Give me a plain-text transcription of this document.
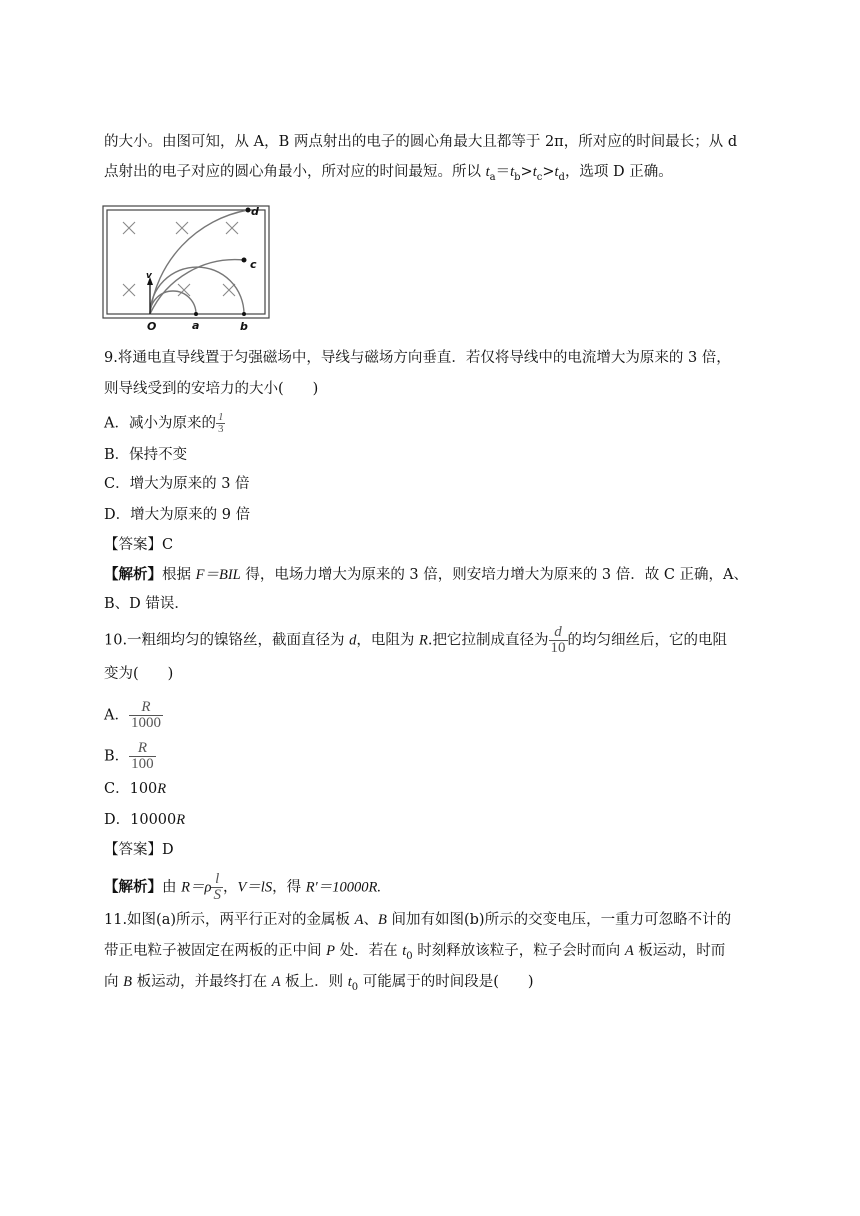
的大小。由图可知，从 A，B 两点射出的电子的圆心角最大且都等于 2π，所对应的时间最长；从 d
点射出的电子对应的圆心角最小，所对应的时间最短。所以 $t_a=t_b>t_c>t_d$，选项 D 正确。
O	a	b
c
d
v
9.将通电直导线置于匀强磁场中，导线与磁场方向垂直．若仅将导线中的电流增大为原来的 3 倍，
则导线受到的安培力的大小(　　)
A．减小为原来的 $\frac{1}{3}$
B．保持不变
C．增大为原来的 3 倍
D．增大为原来的 9 倍
【答案】C
【解析】根据 F＝BIL 得，电场力增大为原来的 3 倍，则安培力增大为原来的 3 倍．故 C 正确，A、
B、D 错误．
10.一粗细均匀的镍铬丝，截面直径为 d，电阻为 R.把它拉制成直径为 $\frac{d}{10}$ 的均匀细丝后，它的电阻
变为(　　)
A． $\frac{R}{1000}$
B． $\frac{R}{100}$
C．100R
D．10000R
【答案】D
【解析】由 $R=\rho \frac{l}{S}$ ，V＝lS，得 R′＝10000R.
11.如图(a)所示，两平行正对的金属板 A、B 间加有如图(b)所示的交变电压，一重力可忽略不计的
带正电粒子被固定在两板的正中间 P 处．若在 $t_0$ 时刻释放该粒子，粒子会时而向 A 板运动，时而
向 B 板运动，并最终打在 A 板上．则 $t_0$ 可能属于的时间段是(　　)
